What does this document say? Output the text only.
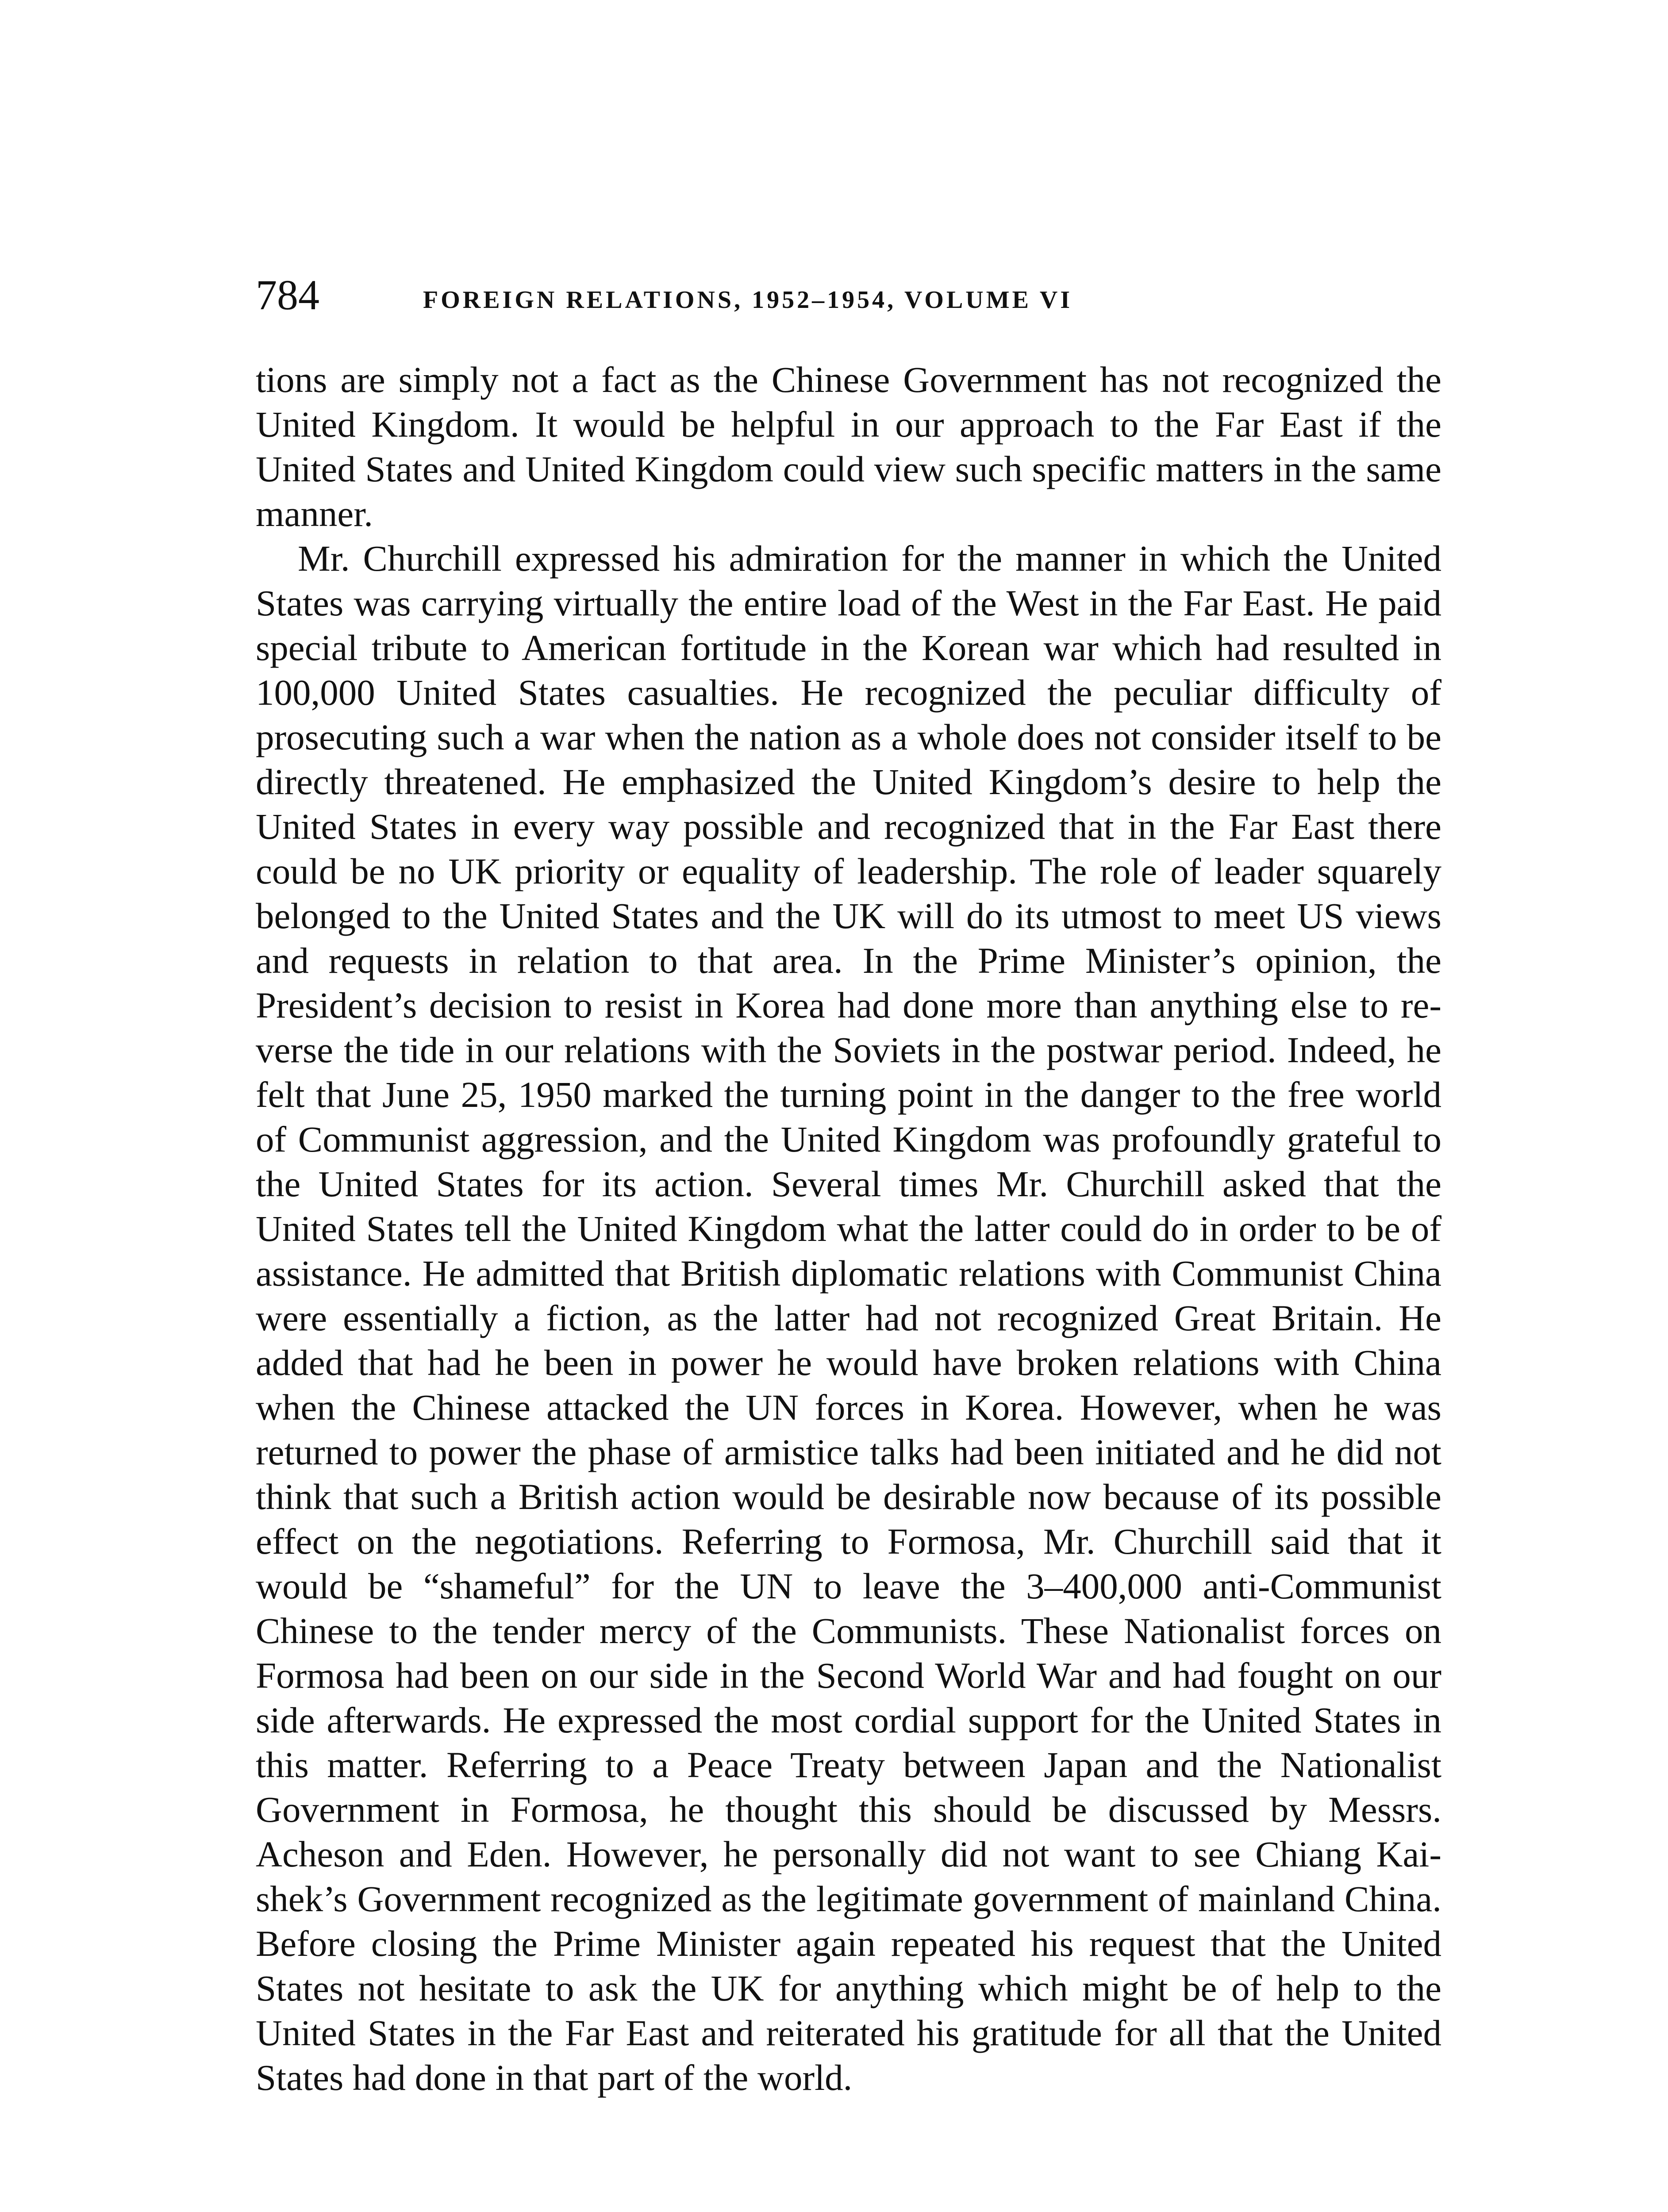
784	FOREIGN RELATIONS, 1952–1954, VOLUME VI

tions are simply not a fact as the Chinese Government has not recognized the United Kingdom. It would be helpful in our approach to the Far East if the United States and United Kingdom could view such specific matters in the same manner.

Mr. Churchill expressed his admiration for the manner in which the United States was carrying virtually the entire load of the West in the Far East. He paid special tribute to American fortitude in the Korean war which had resulted in 100,000 United States casualties. He recognized the peculiar difficulty of prosecuting such a war when the nation as a whole does not consider itself to be directly threatened. He emphasized the United Kingdom’s desire to help the United States in every way possible and recognized that in the Far East there could be no UK priority or equality of leadership. The role of leader squarely belonged to the United States and the UK will do its utmost to meet US views and requests in relation to that area. In the Prime Minister’s opinion, the President’s decision to resist in Korea had done more than anything else to reverse the tide in our relations with the Soviets in the postwar period. Indeed, he felt that June 25, 1950 marked the turning point in the danger to the free world of Communist aggression, and the United Kingdom was profoundly grateful to the United States for its action. Several times Mr. Churchill asked that the United States tell the United Kingdom what the latter could do in order to be of assistance. He admitted that British diplomatic relations with Communist China were essentially a fiction, as the latter had not recognized Great Britain. He added that had he been in power he would have broken relations with China when the Chinese attacked the UN forces in Korea. However, when he was returned to power the phase of armistice talks had been initiated and he did not think that such a British action would be desirable now because of its possible effect on the negotiations. Referring to Formosa, Mr. Churchill said that it would be “shameful” for the UN to leave the 3–400,000 anti-Communist Chinese to the tender mercy of the Communists. These Nationalist forces on Formosa had been on our side in the Second World War and had fought on our side afterwards. He expressed the most cordial support for the United States in this matter. Referring to a Peace Treaty between Japan and the Nationalist Government in Formosa, he thought this should be discussed by Messrs. Acheson and Eden. However, he personally did not want to see Chiang Kai-shek’s Government recognized as the legitimate government of mainland China. Before closing the Prime Minister again repeated his request that the United States not hesitate to ask the UK for anything which might be of help to the United States in the Far East and reiterated his gratitude for all that the United States had done in that part of the world.
